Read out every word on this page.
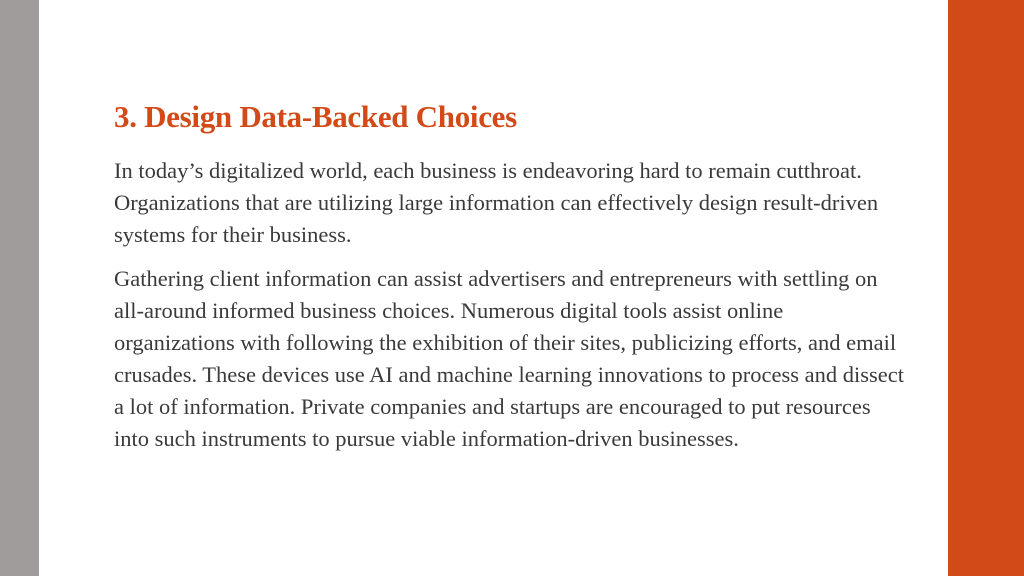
3. Design Data-Backed Choices

In today’s digitalized world, each business is endeavoring hard to remain cutthroat. Organizations that are utilizing large information can effectively design result-driven systems for their business.

Gathering client information can assist advertisers and entrepreneurs with settling on all-around informed business choices. Numerous digital tools assist online organizations with following the exhibition of their sites, publicizing efforts, and email crusades. These devices use AI and machine learning innovations to process and dissect a lot of information. Private companies and startups are encouraged to put resources into such instruments to pursue viable information-driven businesses.
